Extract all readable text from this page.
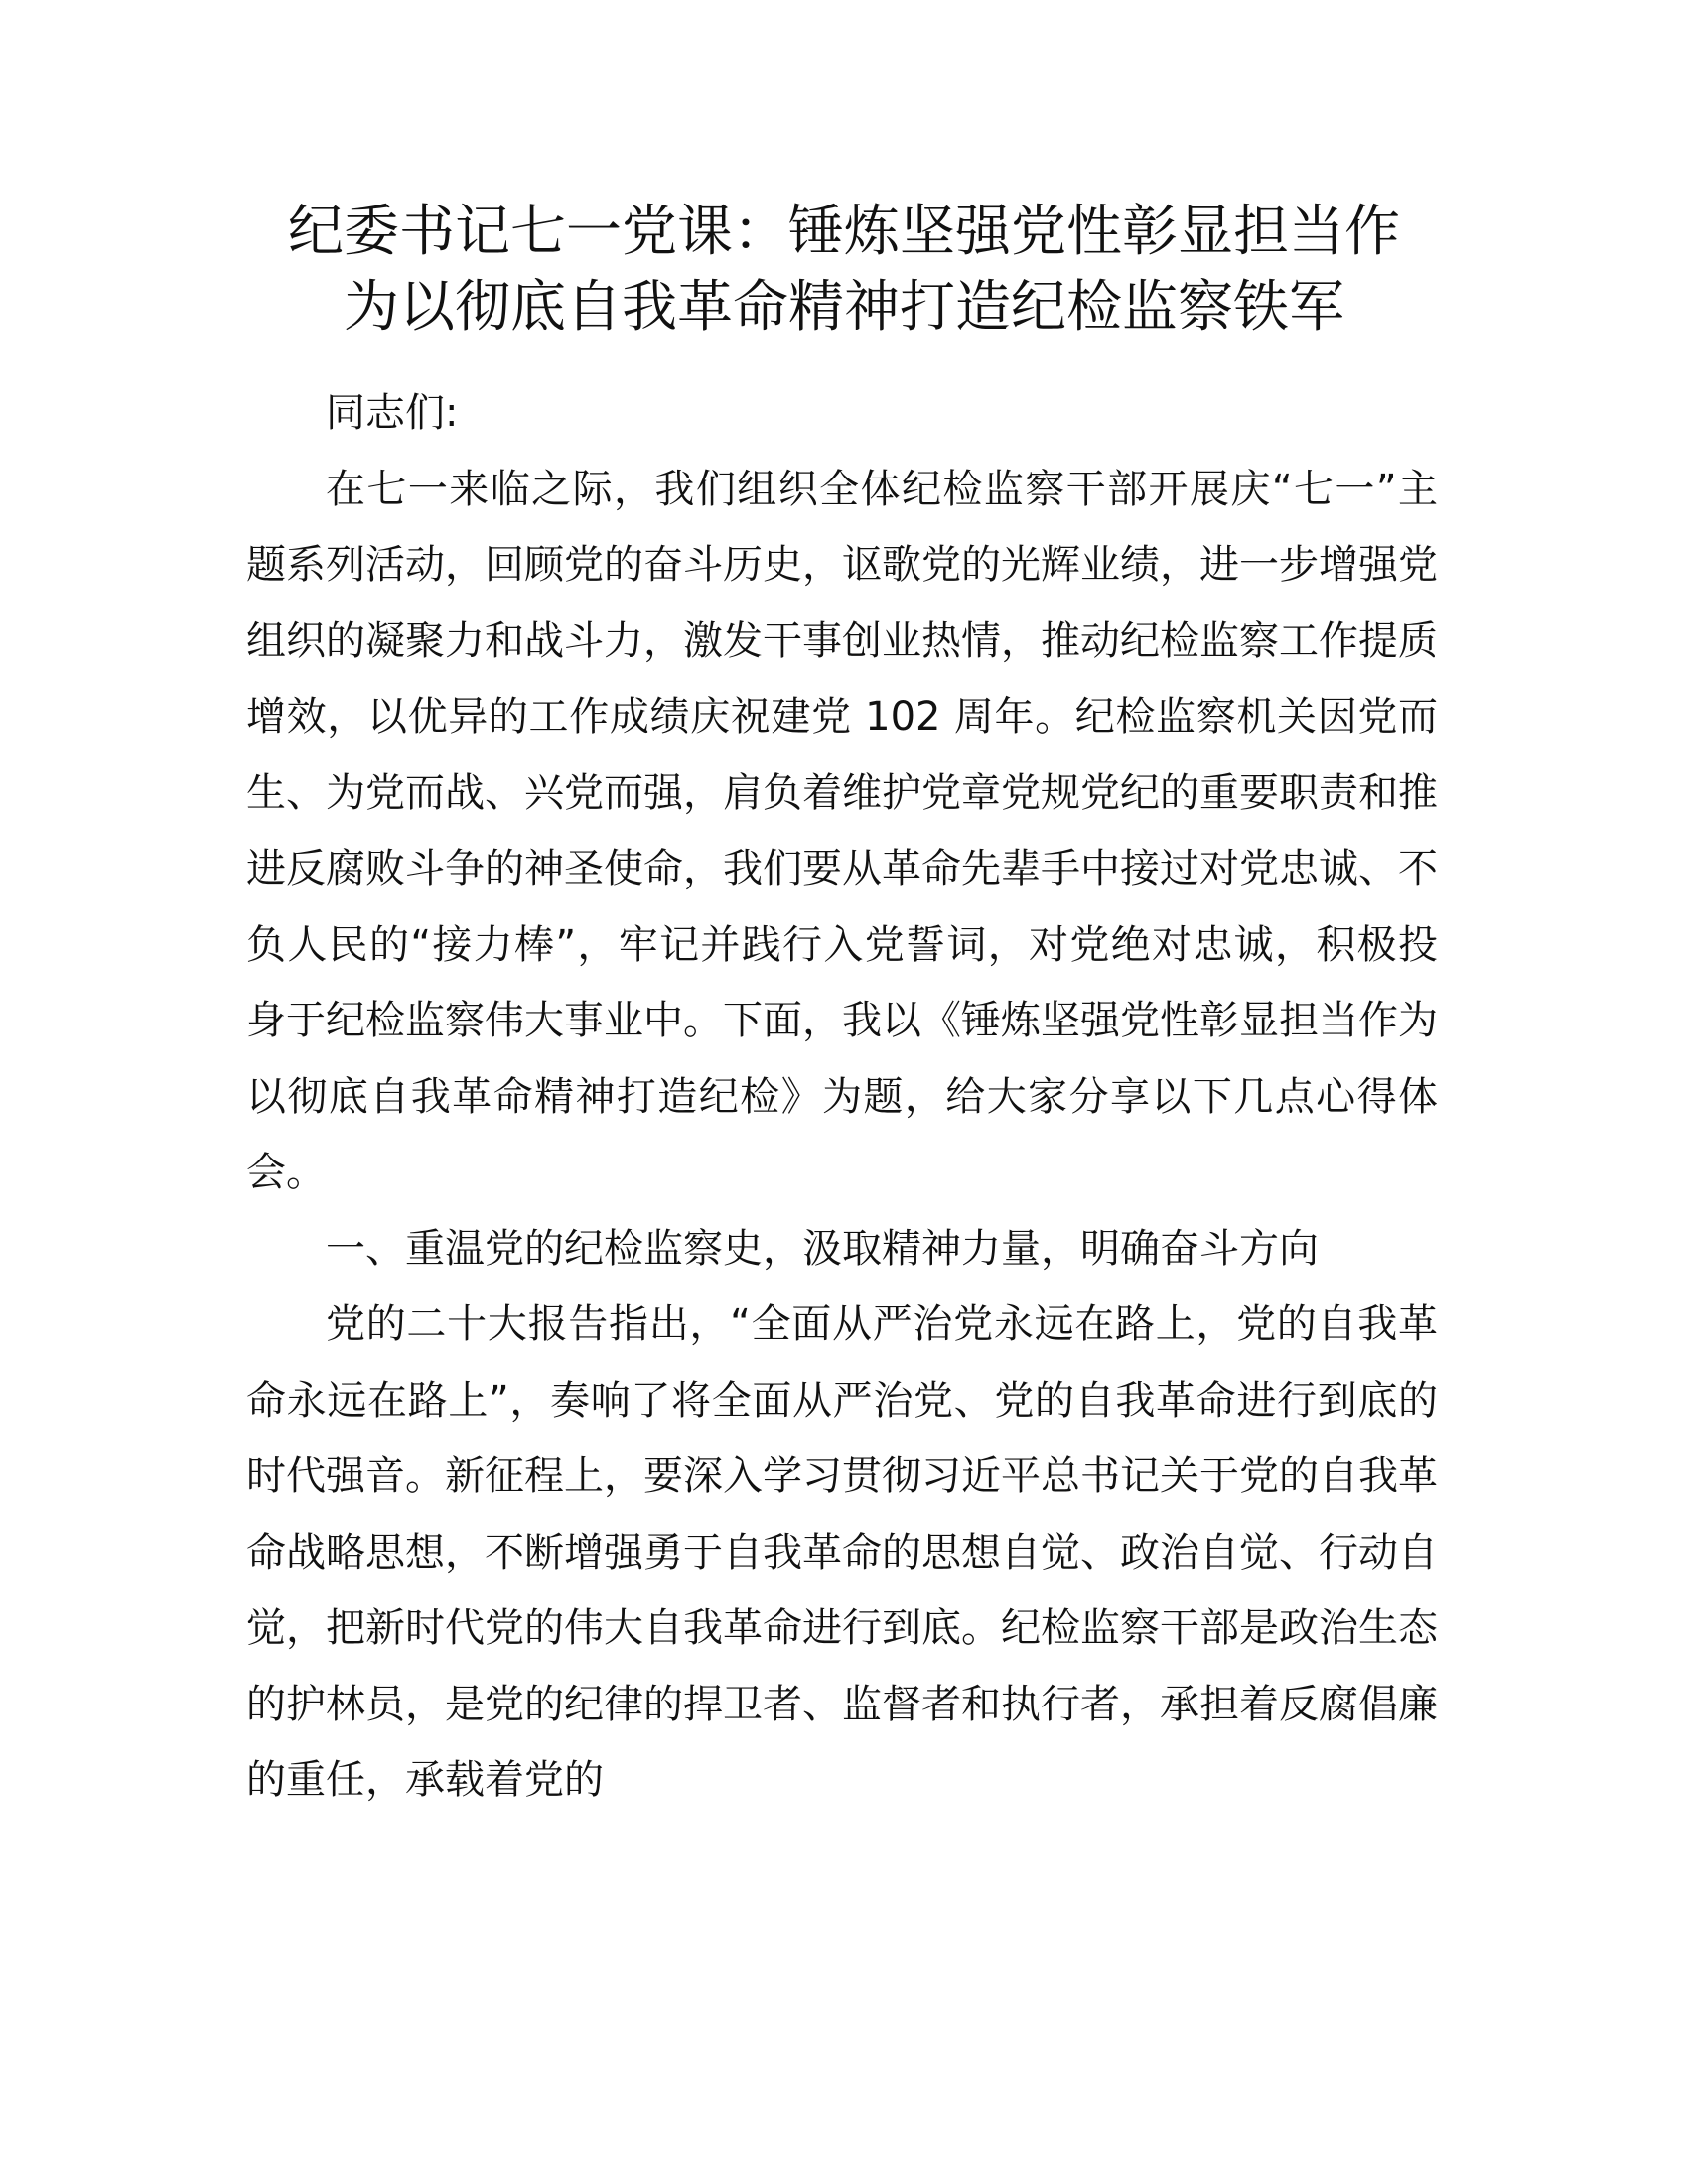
纪委书记七一党课：锤炼坚强党性彰显担当作
为以彻底自我革命精神打造纪检监察铁军

同志们:

在七一来临之际，我们组织全体纪检监察干部开展庆“七一”主题系列活动，回顾党的奋斗历史，讴歌党的光辉业绩，进一步增强党组织的凝聚力和战斗力，激发干事创业热情，推动纪检监察工作提质增效，以优异的工作成绩庆祝建党 102 周年。纪检监察机关因党而生、为党而战、兴党而强，肩负着维护党章党规党纪的重要职责和推进反腐败斗争的神圣使命，我们要从革命先辈手中接过对党忠诚、不负人民的“接力棒”，牢记并践行入党誓词，对党绝对忠诚，积极投身于纪检监察伟大事业中。下面，我以《锤炼坚强党性彰显担当作为以彻底自我革命精神打造纪检》为题，给大家分享以下几点心得体会。

一、重温党的纪检监察史，汲取精神力量，明确奋斗方向

党的二十大报告指出，“全面从严治党永远在路上，党的自我革命永远在路上”，奏响了将全面从严治党、党的自我革命进行到底的时代强音。新征程上，要深入学习贯彻习近平总书记关于党的自我革命战略思想，不断增强勇于自我革命的思想自觉、政治自觉、行动自觉，把新时代党的伟大自我革命进行到底。纪检监察干部是政治生态的护林员，是党的纪律的捍卫者、监督者和执行者，承担着反腐倡廉的重任，承载着党的
